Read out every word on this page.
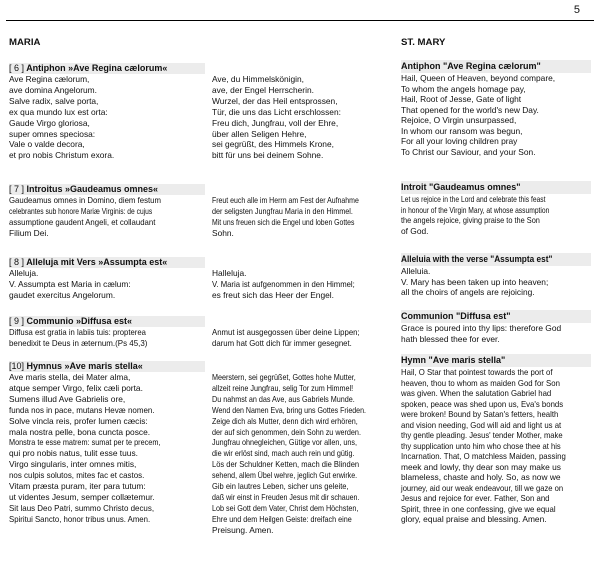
5
MARIA
[ 6 ] Antiphon »Ave Regina cælorum«
Ave Regina cælorum,
ave domina Angelorum.
Salve radix, salve porta,
ex qua mundo lux est orta:
Gaude Virgo gloriosa,
super omnes speciosa:
Vale o valde decora,
et pro nobis Christum exora.
[ 7 ] Introitus »Gaudeamus omnes«
Gaudeamus omnes in Domino, diem festum
celebrantes sub honore Mariæ Virginis: de cujus
assumptione gaudent Angeli, et collaudant
Filium Dei.
[ 8 ] Alleluja mit Vers »Assumpta est«
Alleluja.
V. Assumpta est Maria in cælum:
gaudet exercitus Angelorum.
[ 9 ] Communio »Diffusa est«
Diffusa est gratia in labiis tuis: propterea
benedixit te Deus in æternum.(Ps 45,3)
[10] Hymnus »Ave maris stella«
Ave maris stella, dei Mater alma,
atque semper Virgo, felix cæli porta.
Sumens illud Ave Gabrielis ore,
funda nos in pace, mutans Hevæ nomen.
Solve vincla reis, profer lumen cæcis:
mala nostra pelle, bona cuncta posce.
Monstra te esse matrem: sumat per te precem,
qui pro nobis natus, tulit esse tuus.
Virgo singularis, inter omnes mitis,
nos culpis solutos, mites fac et castos.
Vitam præsta puram, iter para tutum:
ut videntes Jesum, semper collætemur.
Sit laus Deo Patri, summo Christo decus,
Spiritui Sancto, honor tribus unus. Amen.
Ave, du Himmelskönigin,
ave, der Engel Herrscherin.
Wurzel, der das Heil entsprossen,
Tür, die uns das Licht erschlossen:
Freu dich, Jungfrau, voll der Ehre,
über allen Seligen Hehre,
sei gegrüßt, des Himmels Krone,
bitt für uns bei deinem Sohne.
Freut euch alle im Herrn am Fest der Aufnahme
der seligsten Jungfrau Maria in den Himmel.
Mit uns freuen sich die Engel und loben Gottes
Sohn.
Halleluja.
V. Maria ist aufgenommen in den Himmel;
es freut sich das Heer der Engel.
Anmut ist ausgegossen über deine Lippen;
darum hat Gott dich für immer gesegnet.
Meerstern, sei gegrüßet, Gottes hohe Mutter,
allzeit reine Jungfrau, selig Tor zum Himmel!
Du nahmst an das Ave, aus Gabriels Munde.
Wend den Namen Eva, bring uns Gottes Frieden.
Zeige dich als Mutter, denn dich wird erhören,
der auf sich genommen, dein Sohn zu werden.
Jungfrau ohnegleichen, Gütige vor allen, uns,
die wir erlöst sind, mach auch rein und gütig.
Lös der Schuldner Ketten, mach die Blinden
sehend, allem Übel wehre, jeglich Gut erwirke.
Gib ein lautres Leben, sicher uns geleite,
daß wir einst in Freuden Jesus mit dir schauen.
Lob sei Gott dem Vater, Christ dem Höchsten,
Ehre und dem Heilgen Geiste: dreifach eine
Preisung. Amen.
ST. MARY
Antiphon "Ave Regina cælorum"
Hail, Queen of Heaven, beyond compare,
To whom the angels homage pay,
Hail, Root of Jesse, Gate of light
That opened for the world's new Day.
Rejoice, O Virgin unsurpassed,
In whom our ransom was begun,
For all your loving children pray
To Christ our Saviour, and your Son.
Introit "Gaudeamus omnes"
Let us rejoice in the Lord and celebrate this feast
in honour of the Virgin Mary, at whose assumption
the angels rejoice, giving praise to the Son
of God.
Alleluia with the verse "Assumpta est"
Alleluia.
V. Mary has been taken up into heaven;
all the choirs of angels are rejoicing.
Communion "Diffusa est"
Grace is poured into thy lips: therefore God
hath blessed thee for ever.
Hymn "Ave maris stella"
Hail, O Star that pointest towards the port of
heaven, thou to whom as maiden God for Son
was given. When the salutation Gabriel had
spoken, peace was shed upon us, Eva's bonds
were broken! Bound by Satan's fetters, health
and vision needing, God will aid and light us at
thy gentle pleading. Jesus' tender Mother, make
thy supplication unto him who chose thee at his
Incarnation. That, O matchless Maiden, passing
meek and lowly, thy dear son may make us
blameless, chaste and holy. So, as now we
journey, aid our weak endeavour, till we gaze on
Jesus and rejoice for ever. Father, Son and
Spirit, three in one confessing, give we equal
glory, equal praise and blessing. Amen.
